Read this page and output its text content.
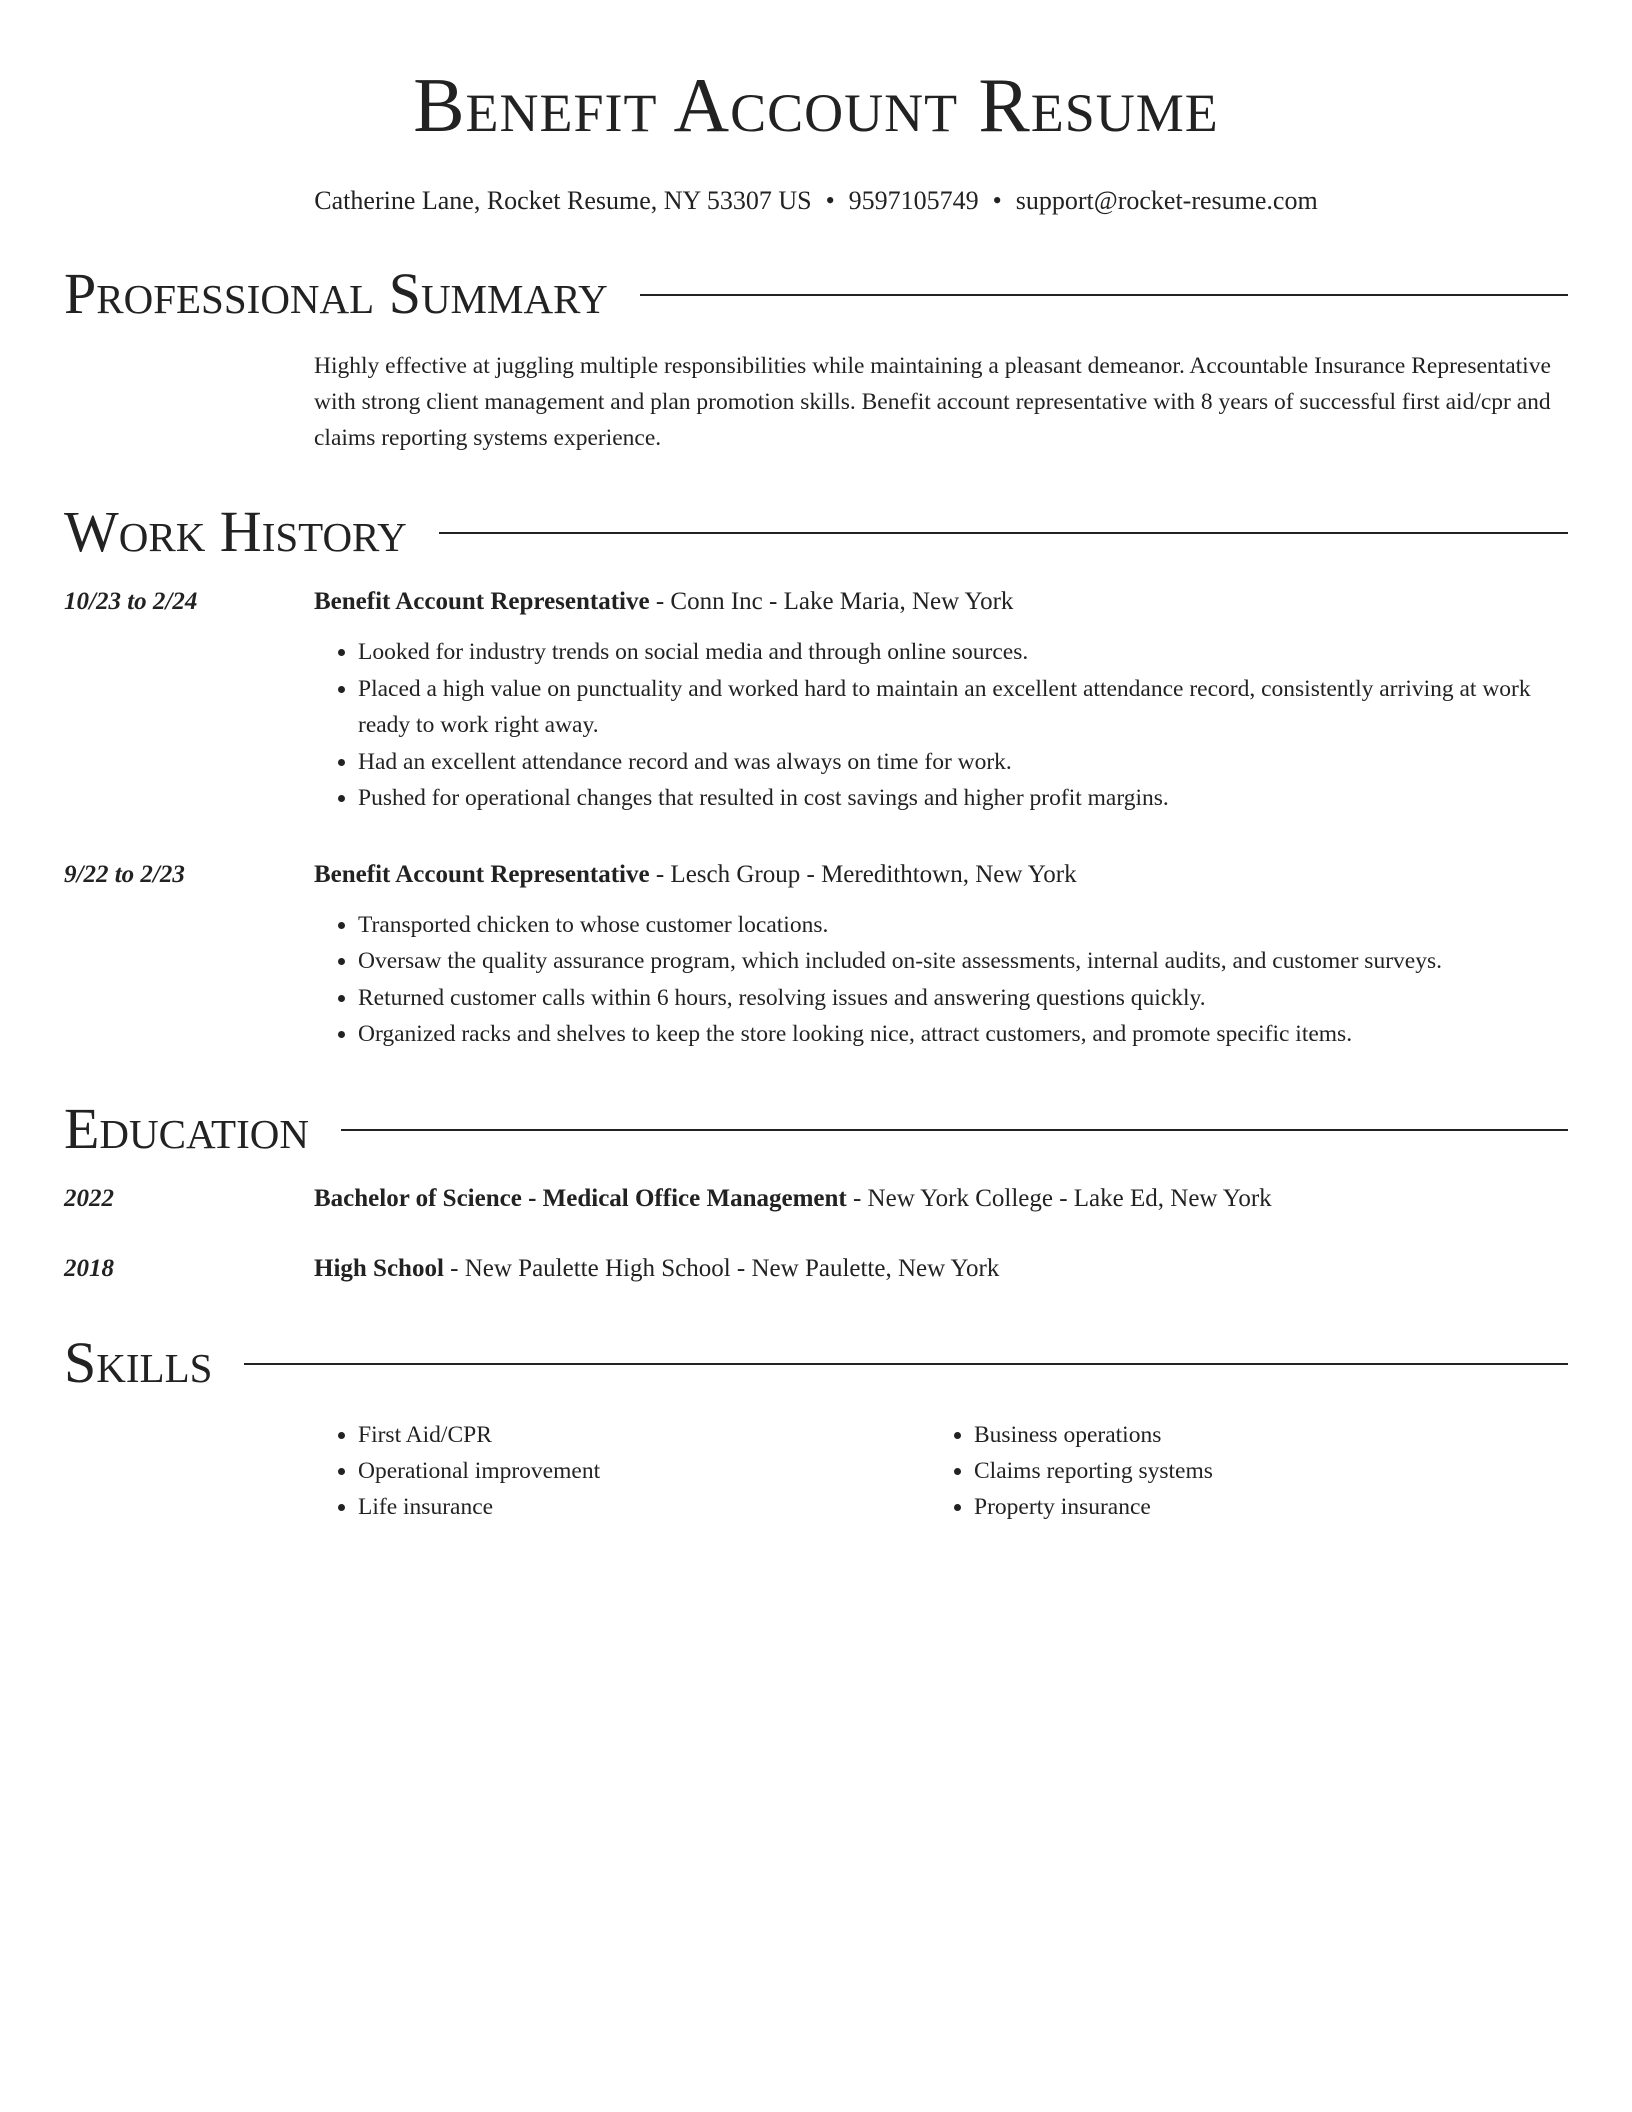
Benefit Account Resume
Catherine Lane, Rocket Resume, NY 53307 US • 9597105749 • support@rocket-resume.com
Professional Summary
Highly effective at juggling multiple responsibilities while maintaining a pleasant demeanor. Accountable Insurance Representative with strong client management and plan promotion skills. Benefit account representative with 8 years of successful first aid/cpr and claims reporting systems experience.
Work History
10/23 to 2/24	Benefit Account Representative - Conn Inc - Lake Maria, New York
• Looked for industry trends on social media and through online sources.
• Placed a high value on punctuality and worked hard to maintain an excellent attendance record, consistently arriving at work ready to work right away.
• Had an excellent attendance record and was always on time for work.
• Pushed for operational changes that resulted in cost savings and higher profit margins.
9/22 to 2/23	Benefit Account Representative - Lesch Group - Meredithtown, New York
• Transported chicken to whose customer locations.
• Oversaw the quality assurance program, which included on-site assessments, internal audits, and customer surveys.
• Returned customer calls within 6 hours, resolving issues and answering questions quickly.
• Organized racks and shelves to keep the store looking nice, attract customers, and promote specific items.
Education
2022	Bachelor of Science - Medical Office Management - New York College - Lake Ed, New York
2018	High School - New Paulette High School - New Paulette, New York
Skills
• First Aid/CPR
• Operational improvement
• Life insurance
• Business operations
• Claims reporting systems
• Property insurance
